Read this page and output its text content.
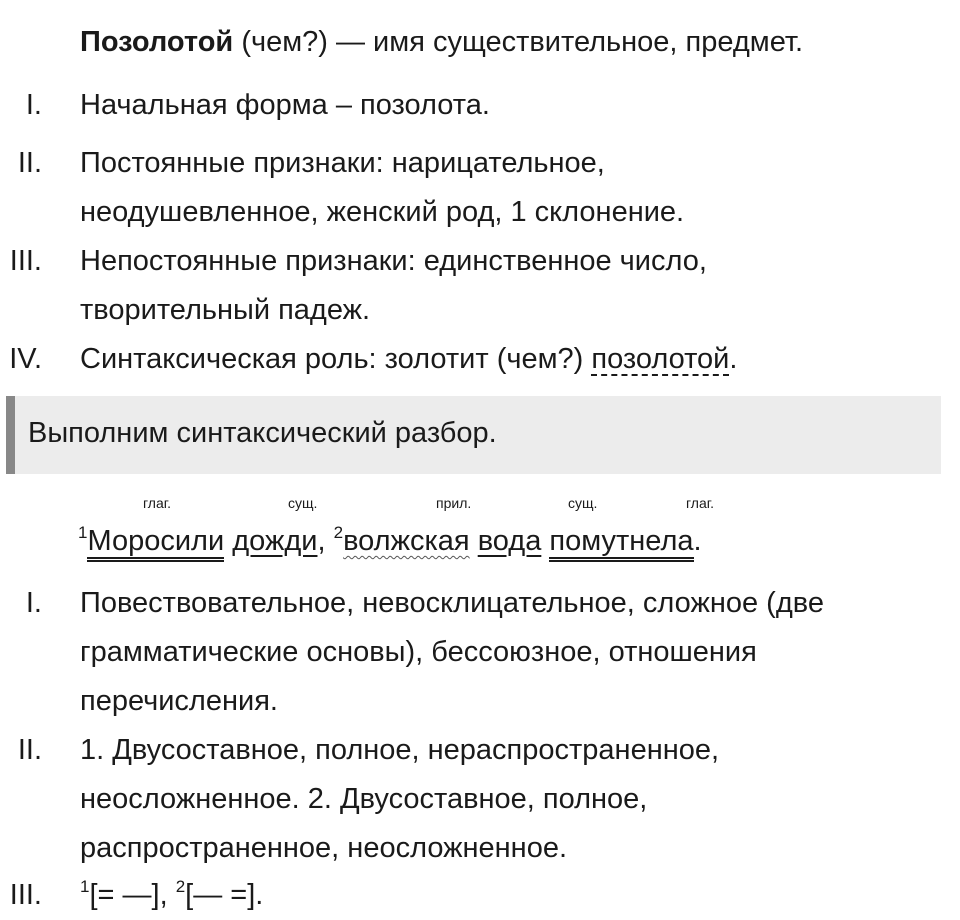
Позолотой (чем?) — имя существительное, предмет.
I. Начальная форма – позолота.
II. Постоянные признаки: нарицательное,
неодушевленное, женский род, 1 склонение.
III. Непостоянные признаки: единственное число,
творительный падеж.
IV. Синтаксическая роль: золотит (чем?) позолотой.
Выполним синтаксический разбор.
глаг.	сущ.	прил.	сущ.	глаг.
$^1$Моросили дожди, $^2$волжская вода помутнела.
I. Повествовательное, невосклицательное, сложное (две
грамматические основы), бессоюзное, отношения
перечисления.
II. 1. Двусоставное, полное, нераспространенное,
неосложненное. 2. Двусоставное, полное,
распространенное, неосложненное.
III. $^1$[= —], $^2$[— =].
